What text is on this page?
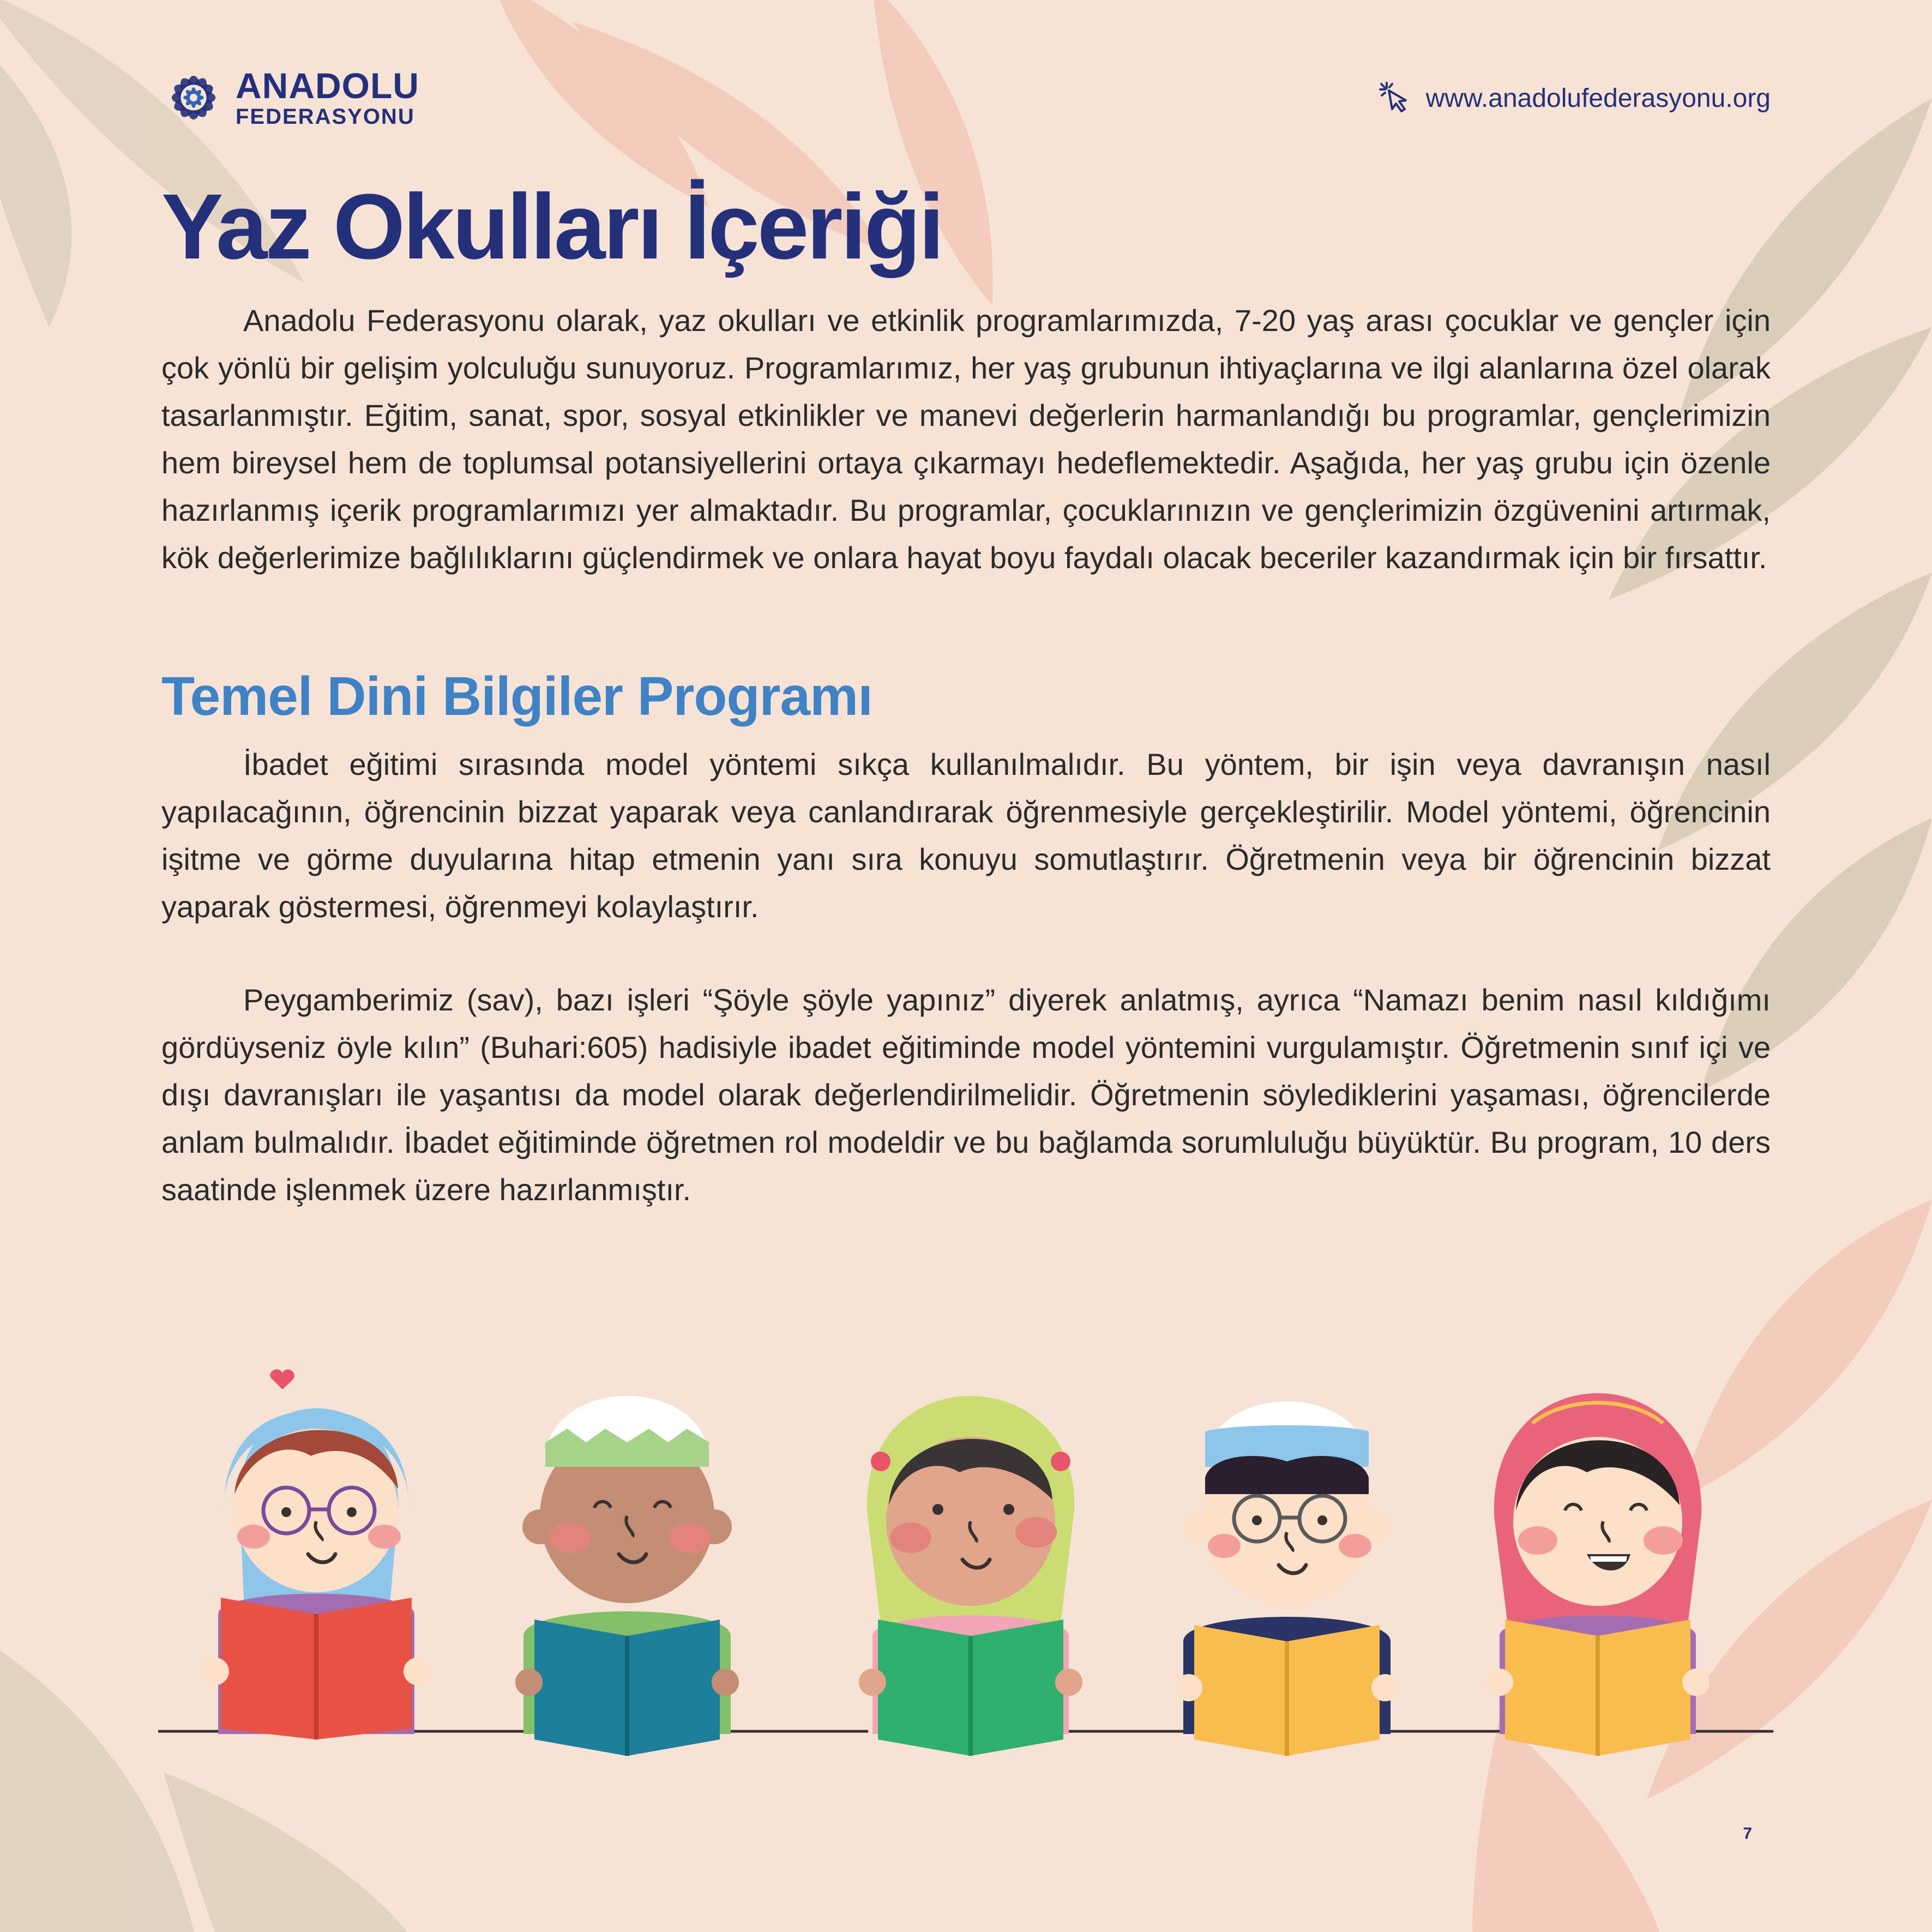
ANADOLU
FEDERASYONU
www.anadolufederasyonu.org
Yaz Okulları İçeriği

Anadolu Federasyonu olarak, yaz okulları ve etkinlik programlarımızda, 7-20 yaş arası çocuklar ve gençler için çok yönlü bir gelişim yolculuğu sunuyoruz. Programlarımız, her yaş grubunun ihtiyaçlarına ve ilgi alanlarına özel olarak tasarlanmıştır. Eğitim, sanat, spor, sosyal etkinlikler ve manevi değerlerin harmanlandığı bu programlar, gençlerimizin hem bireysel hem de toplumsal potansiyellerini ortaya çıkarmayı hedeflemektedir. Aşağıda, her yaş grubu için özenle hazırlanmış içerik programlarımızı yer almaktadır. Bu programlar, çocuklarınızın ve gençlerimizin özgüvenini artırmak, kök değerlerimize bağlılıklarını güçlendirmek ve onlara hayat boyu faydalı olacak beceriler kazandırmak için bir fırsattır.

Temel Dini Bilgiler Programı

İbadet eğitimi sırasında model yöntemi sıkça kullanılmalıdır. Bu yöntem, bir işin veya davranışın nasıl yapılacağının, öğrencinin bizzat yaparak veya canlandırarak öğrenmesiyle gerçekleştirilir. Model yöntemi, öğrencinin işitme ve görme duyularına hitap etmenin yanı sıra konuyu somutlaştırır. Öğretmenin veya bir öğrencinin bizzat yaparak göstermesi, öğrenmeyi kolaylaştırır.

Peygamberimiz (sav), bazı işleri “Şöyle şöyle yapınız” diyerek anlatmış, ayrıca “Namazı benim nasıl kıldığımı gördüyseniz öyle kılın” (Buhari:605) hadisiyle ibadet eğitiminde model yöntemini vurgulamıştır. Öğretmenin sınıf içi ve dışı davranışları ile yaşantısı da model olarak değerlendirilmelidir. Öğretmenin söylediklerini yaşaması, öğrencilerde anlam bulmalıdır. İbadet eğitiminde öğretmen rol modeldir ve bu bağlamda sorumluluğu büyüktür. Bu program, 10 ders saatinde işlenmek üzere hazırlanmıştır.

7
